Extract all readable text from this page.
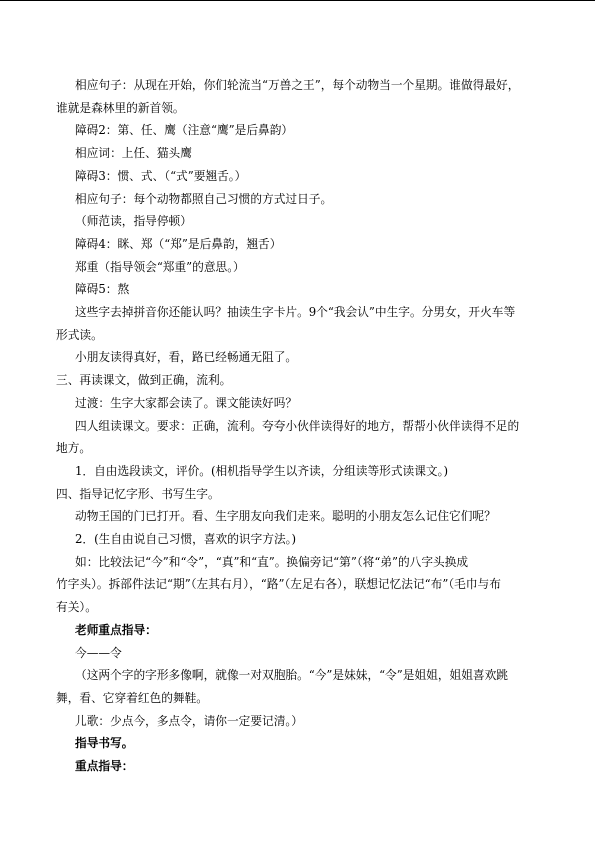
相应句子：从现在开始，你们轮流当“万兽之王”，每个动物当一个星期。谁做得最好，
谁就是森林里的新首领。
障碍2：第、任、鹰（注意“鹰”是后鼻韵）
相应词：上任、猫头鹰
障碍3：惯、式、（“式”要翘舌。）
相应句子：每个动物都照自己习惯的方式过日子。
（师范读，指导停顿）
障碍4：眯、郑（“郑”是后鼻韵，翘舌）
郑重（指导领会“郑重”的意思。）
障碍5：熬
这些字去掉拼音你还能认吗？抽读生字卡片。9个“我会认”中生字。分男女，开火车等
形式读。
小朋友读得真好，看，路已经畅通无阻了。
三、再读课文，做到正确，流利。
过渡：生字大家都会读了。课文能读好吗？
四人组读课文。要求：正确，流利。夸夸小伙伴读得好的地方，帮帮小伙伴读得不足的
地方。
1．自由选段读文，评价。(相机指导学生以齐读，分组读等形式读课文。)
四、指导记忆字形、书写生字。
动物王国的门已打开。看、生字朋友向我们走来。聪明的小朋友怎么记住它们呢？
2．(生自由说自己习惯，喜欢的识字方法。)
如：比较法记“今”和“令”，“真”和“直”。换偏旁记“第”（将“弟”的八字头换成
竹字头）。拆部件法记“期”（左其右月），“路”（左足右各），联想记忆法记“布”（毛巾与布
有关）。
老师重点指导：
今——令
（这两个字的字形多像啊，就像一对双胞胎。“今”是妹妹，“令”是姐姐，姐姐喜欢跳
舞，看、它穿着红色的舞鞋。
儿歌：少点今，多点令，请你一定要记清。）
指导书写。
重点指导：
